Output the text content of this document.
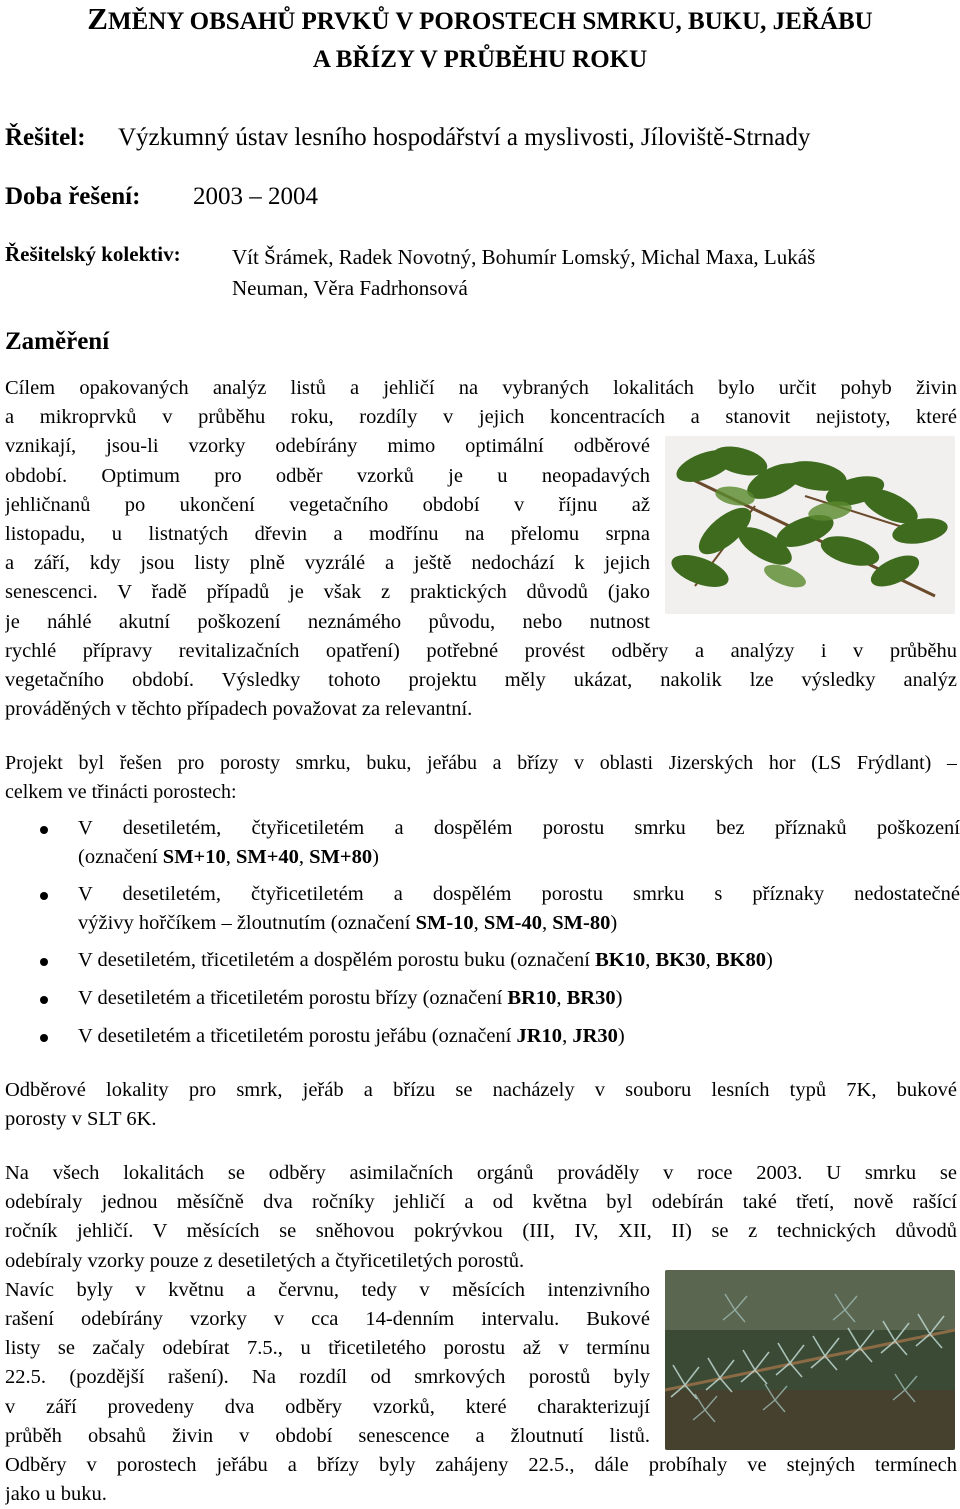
ZMĚNY OBSAHŮ PRVKŮ V POROSTECH SMRKU, BUKU, JEŘÁBU
A BŘÍZY V PRŮBĚHU ROKU
Řešitel: Výzkumný ústav lesního hospodářství a myslivosti, Jíloviště-Strnady
Doba řešení: 2003 – 2004
Řešitelský kolektiv: Vít Šrámek, Radek Novotný, Bohumír Lomský, Michal Maxa, Lukáš
Neuman, Věra Fadrhonsová
Zaměření
Cílem opakovaných analýz listů a jehličí na vybraných lokalitách bylo určit pohyb živin
a mikroprvků v průběhu roku, rozdíly v jejich koncentracích a stanovit nejistoty, které
vznikají, jsou-li vzorky odebírány mimo optimální odběrové
období. Optimum pro odběr vzorků je u neopadavých
jehličnanů po ukončení vegetačního období v říjnu až
listopadu, u listnatých dřevin a modřínu na přelomu srpna
a září, kdy jsou listy plně vyzrálé a ještě nedochází k jejich
senescenci. V řadě případů je však z praktických důvodů (jako
je náhlé akutní poškození neznámého původu, nebo nutnost
rychlé přípravy revitalizačních opatření) potřebné provést odběry a analýzy i v průběhu
vegetačního období. Výsledky tohoto projektu měly ukázat, nakolik lze výsledky analýz
prováděných v těchto případech považovat za relevantní.
Projekt byl řešen pro porosty smrku, buku, jeřábu a břízy v oblasti Jizerských hor (LS Frýdlant) –
celkem ve třinácti porostech:
V desetiletém, čtyřicetiletém a dospělém porostu smrku bez příznaků poškození
(označení SM+10, SM+40, SM+80)
V desetiletém, čtyřicetiletém a dospělém porostu smrku s příznaky nedostatečné
výživy hořčíkem – žloutnutím (označení SM-10, SM-40, SM-80)
V desetiletém, třicetiletém a dospělém porostu buku (označení BK10, BK30, BK80)
V desetiletém a třicetiletém porostu břízy (označení BR10, BR30)
V desetiletém a třicetiletém porostu jeřábu (označení JR10, JR30)
Odběrové lokality pro smrk, jeřáb a břízu se nacházely v souboru lesních typů 7K, bukové
porosty v SLT 6K.
Na všech lokalitách se odběry asimilačních orgánů prováděly v roce 2003. U smrku se
odebíraly jednou měsíčně dva ročníky jehličí a od května byl odebírán také třetí, nově rašící
ročník jehličí. V měsících se sněhovou pokrývkou (III, IV, XII, II) se z technických důvodů
odebíraly vzorky pouze z desetiletých a čtyřicetiletých porostů.
Navíc byly v květnu a červnu, tedy v měsících intenzivního
rašení odebírány vzorky v cca 14-denním intervalu. Bukové
listy se začaly odebírat 7.5., u třicetiletého porostu až v termínu
22.5. (pozdější rašení). Na rozdíl od smrkových porostů byly
v září provedeny dva odběry vzorků, které charakterizují
průběh obsahů živin v období senescence a žloutnutí listů.
Odběry v porostech jeřábu a břízy byly zahájeny 22.5., dále probíhaly ve stejných termínech
jako u buku.
